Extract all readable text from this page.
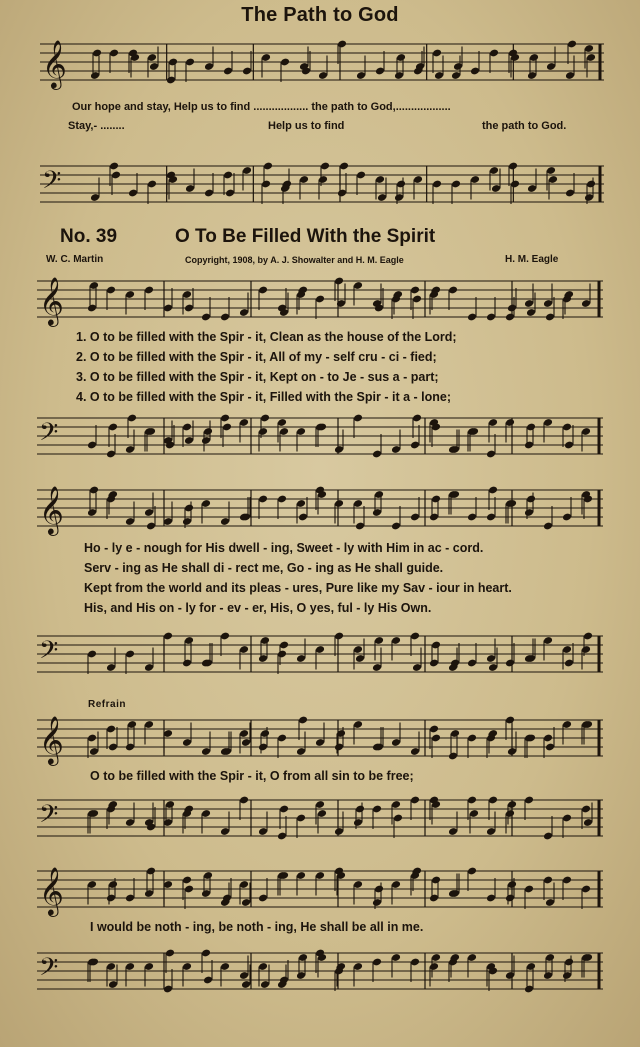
The Path to God
𝄞
Our hope and stay, Help us to find .................. the path to God,..................
Stay,- ........	Help us to find	the path to God.
𝄢
No. 39	O To Be Filled With the Spirit
W. C. Martin	Copyright, 1908, by A. J. Showalter and H. M. Eagle	H. M. Eagle
𝄞
1. O to be filled with the Spir - it, Clean as the house of the Lord;
2. O to be filled with the Spir - it, All of my - self cru - ci - fied;
3. O to be filled with the Spir - it, Kept on - to Je - sus a - part;
4. O to be filled with the Spir - it, Filled with the Spir - it a - lone;
𝄢
𝄞
Ho - ly e - nough for His dwell - ing, Sweet - ly with Him in ac - cord.
Serv - ing as He shall di - rect me, Go - ing as He shall guide.
Kept from the world and its pleas - ures, Pure like my Sav - iour in heart.
His, and His on - ly for - ev - er, His, O yes, ful - ly His Own.
𝄢
Refrain
𝄞
O to be filled with the Spir - it, O from all sin to be free;
𝄢
𝄞
I would be noth - ing, be noth - ing, He shall be all in me.
𝄢
